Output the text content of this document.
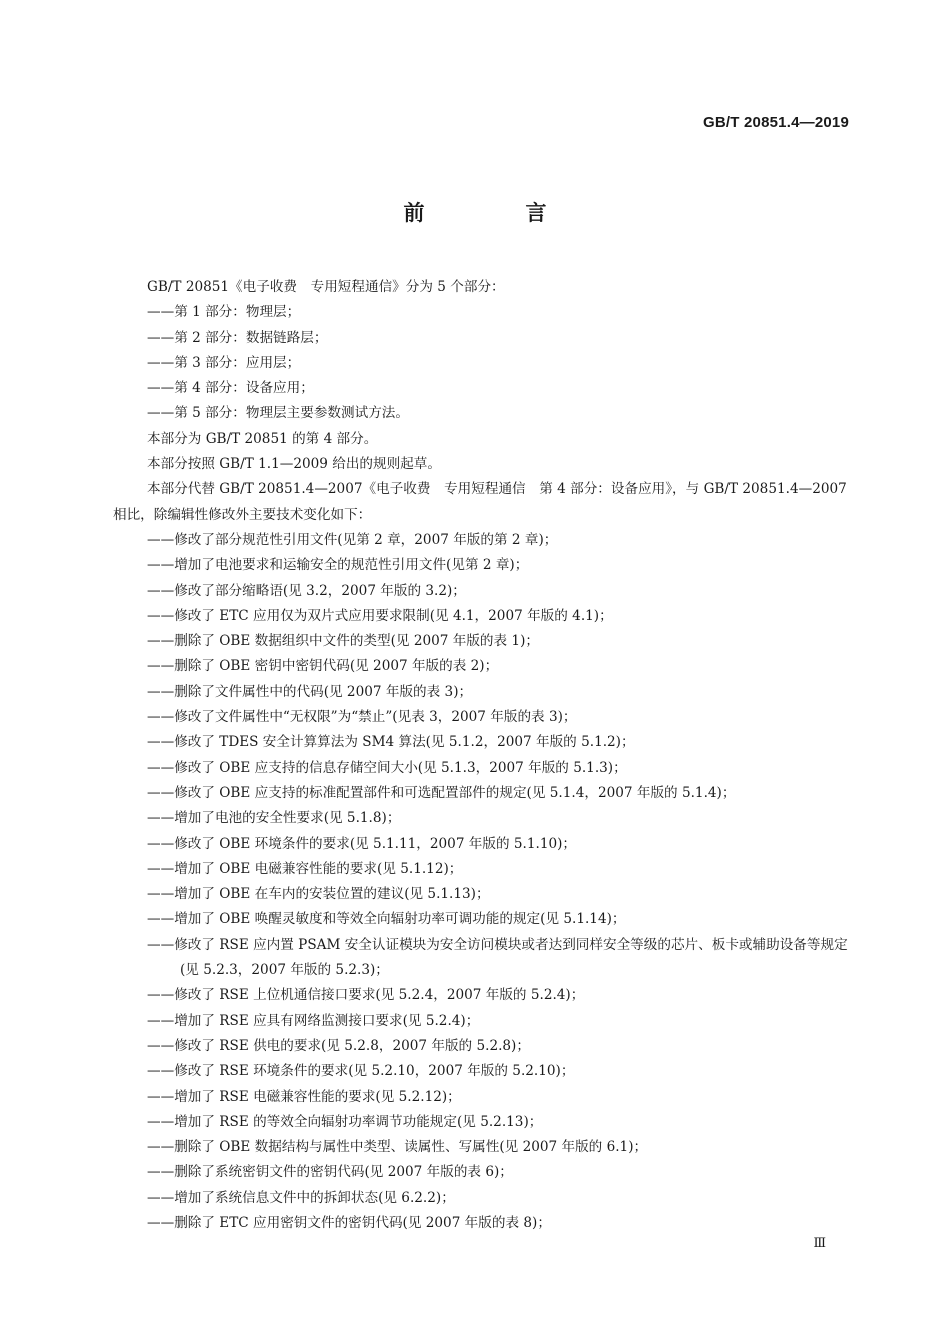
GB/T 20851.4—2019
前　言

GB/T 20851《电子收费　专用短程通信》分为 5 个部分：

——第 1 部分：物理层；

——第 2 部分：数据链路层；

——第 3 部分：应用层；

——第 4 部分：设备应用；

——第 5 部分：物理层主要参数测试方法。

本部分为 GB/T 20851 的第 4 部分。

本部分按照 GB/T 1.1—2009 给出的规则起草。

本部分代替 GB/T 20851.4—2007《电子收费　专用短程通信　第 4 部分：设备应用》，与 GB/T 20851.4—2007 相比，除编辑性修改外主要技术变化如下：

——修改了部分规范性引用文件(见第 2 章，2007 年版的第 2 章)；

——增加了电池要求和运输安全的规范性引用文件(见第 2 章)；

——修改了部分缩略语(见 3.2，2007 年版的 3.2)；

——修改了 ETC 应用仅为双片式应用要求限制(见 4.1，2007 年版的 4.1)；

——删除了 OBE 数据组织中文件的类型(见 2007 年版的表 1)；

——删除了 OBE 密钥中密钥代码(见 2007 年版的表 2)；

——删除了文件属性中的代码(见 2007 年版的表 3)；

——修改了文件属性中“无权限”为“禁止”(见表 3，2007 年版的表 3)；

——修改了 TDES 安全计算算法为 SM4 算法(见 5.1.2，2007 年版的 5.1.2)；

——修改了 OBE 应支持的信息存储空间大小(见 5.1.3，2007 年版的 5.1.3)；

——修改了 OBE 应支持的标准配置部件和可选配置部件的规定(见 5.1.4，2007 年版的 5.1.4)；

——增加了电池的安全性要求(见 5.1.8)；

——修改了 OBE 环境条件的要求(见 5.1.11，2007 年版的 5.1.10)；

——增加了 OBE 电磁兼容性能的要求(见 5.1.12)；

——增加了 OBE 在车内的安装位置的建议(见 5.1.13)；

——增加了 OBE 唤醒灵敏度和等效全向辐射功率可调功能的规定(见 5.1.14)；

——修改了 RSE 应内置 PSAM 安全认证模块为安全访问模块或者达到同样安全等级的芯片、板卡或辅助设备等规定(见 5.2.3，2007 年版的 5.2.3)；

——修改了 RSE 上位机通信接口要求(见 5.2.4，2007 年版的 5.2.4)；

——增加了 RSE 应具有网络监测接口要求(见 5.2.4)；

——修改了 RSE 供电的要求(见 5.2.8，2007 年版的 5.2.8)；

——修改了 RSE 环境条件的要求(见 5.2.10，2007 年版的 5.2.10)；

——增加了 RSE 电磁兼容性能的要求(见 5.2.12)；

——增加了 RSE 的等效全向辐射功率调节功能规定(见 5.2.13)；

——删除了 OBE 数据结构与属性中类型、读属性、写属性(见 2007 年版的 6.1)；

——删除了系统密钥文件的密钥代码(见 2007 年版的表 6)；

——增加了系统信息文件中的拆卸状态(见 6.2.2)；

——删除了 ETC 应用密钥文件的密钥代码(见 2007 年版的表 8)；

Ⅲ
